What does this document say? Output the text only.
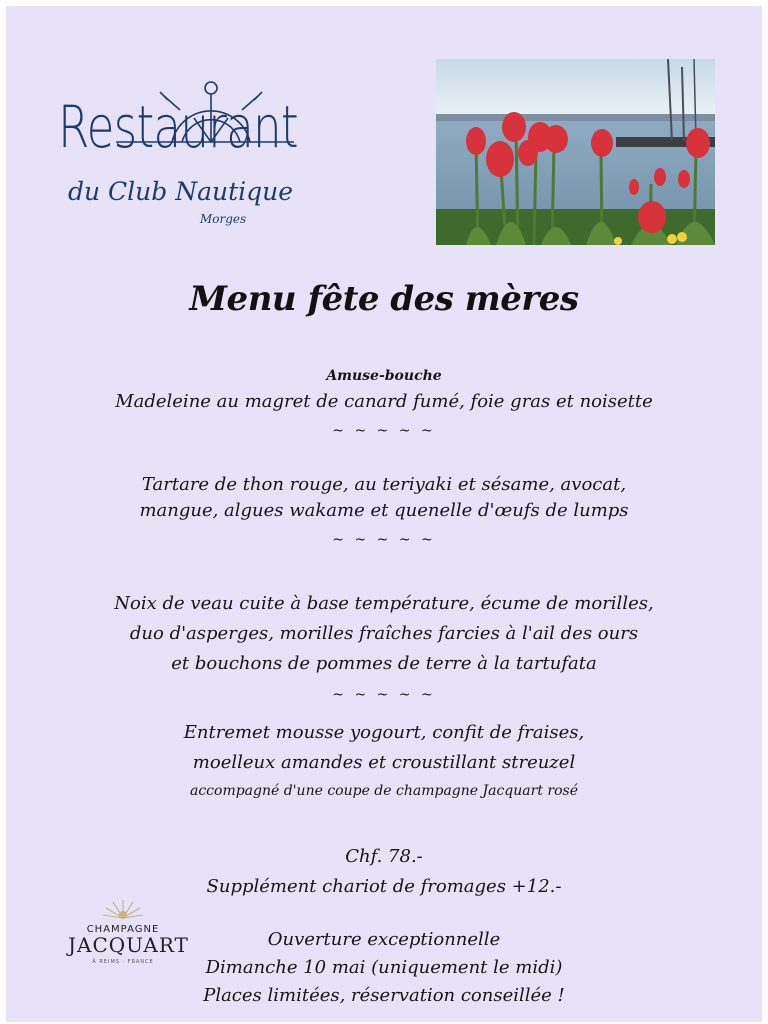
Restaurant
du Club Nautique
Morges
Menu fête des mères
Amuse-bouche
Madeleine au magret de canard fumé, foie gras et noisette
~ ~ ~ ~ ~
Tartare de thon rouge, au teriyaki et sésame, avocat,
mangue, algues wakame et quenelle d'œufs de lumps
~ ~ ~ ~ ~
Noix de veau cuite à base température, écume de morilles,
duo d'asperges, morilles fraîches farcies à l'ail des ours
et bouchons de pommes de terre à la tartufata
~ ~ ~ ~ ~
Entremet mousse yogourt, confit de fraises,
moelleux amandes et croustillant streuzel
accompagné d'une coupe de champagne Jacquart rosé
Chf. 78.-
Supplément chariot de fromages +12.-
Ouverture exceptionnelle
Dimanche 10 mai (uniquement le midi)
Places limitées, réservation conseillée !
CHAMPAGNE
JACQUART
À REIMS · FRANCE
